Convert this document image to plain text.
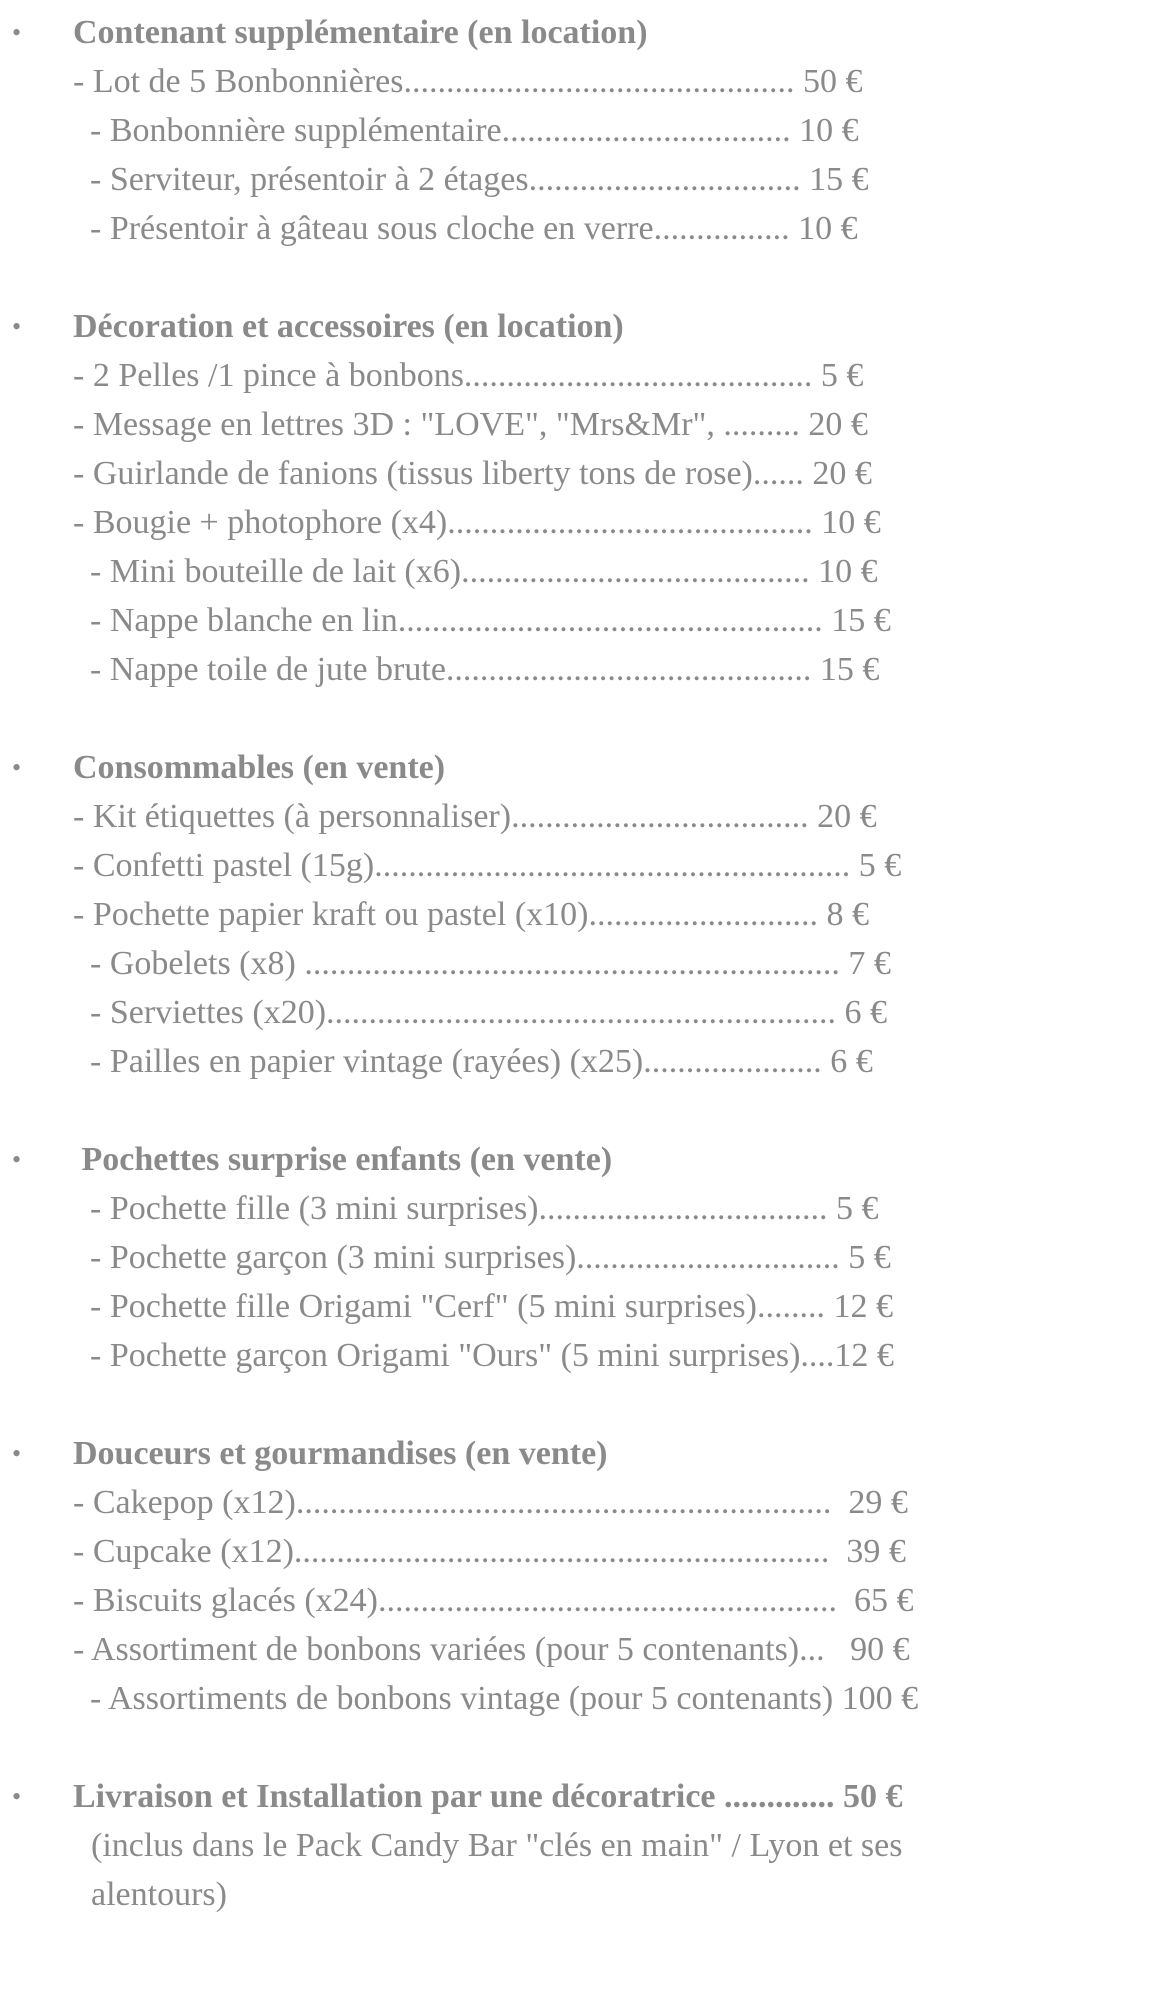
• Contenant supplémentaire (en location)
- Lot de 5 Bonbonnières.............................................. 50 €
- Bonbonnière supplémentaire.................................. 10 €
- Serviteur, présentoir à 2 étages................................ 15 €
- Présentoir à gâteau sous cloche en verre................ 10 €
• Décoration et accessoires (en location)
- 2 Pelles /1 pince à bonbons......................................... 5 €
- Message en lettres 3D : "LOVE", "Mrs&Mr", ......... 20 €
- Guirlande de fanions (tissus liberty tons de rose)...... 20 €
- Bougie + photophore (x4)........................................... 10 €
- Mini bouteille de lait (x6)......................................... 10 €
- Nappe blanche en lin.................................................. 15 €
- Nappe toile de jute brute........................................... 15 €
• Consommables (en vente)
- Kit étiquettes (à personnaliser)................................... 20 €
- Confetti pastel (15g)........................................................ 5 €
- Pochette papier kraft ou pastel (x10)........................... 8 €
- Gobelets (x8) ............................................................... 7 €
- Serviettes (x20)............................................................ 6 €
- Pailles en papier vintage (rayées) (x25)..................... 6 €
• Pochettes surprise enfants (en vente)
- Pochette fille (3 mini surprises).................................. 5 €
- Pochette garçon (3 mini surprises)............................... 5 €
- Pochette fille Origami "Cerf" (5 mini surprises)........ 12 €
- Pochette garçon Origami "Ours" (5 mini surprises)....12 €
• Douceurs et gourmandises (en vente)
- Cakepop (x12)...............................................................  29 €
- Cupcake (x12)...............................................................  39 €
- Biscuits glacés (x24)......................................................  65 €
- Assortiment de bonbons variées (pour 5 contenants)...   90 €
- Assortiments de bonbons vintage (pour 5 contenants) 100 €
• Livraison et Installation par une décoratrice ............. 50 €
(inclus dans le Pack Candy Bar "clés en main" / Lyon et ses alentours)
